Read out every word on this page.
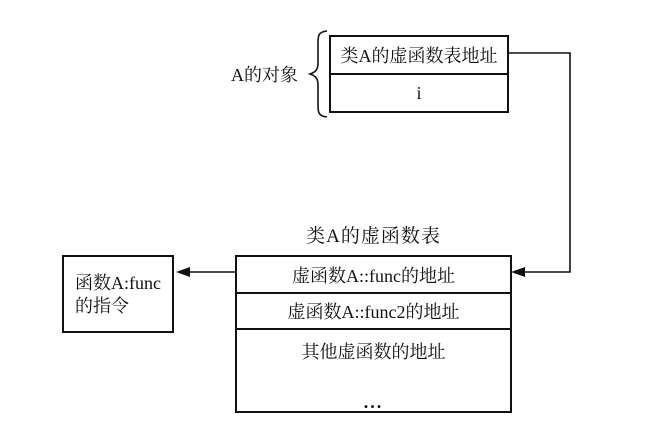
A的对象
类A的虚函数表地址
i
类A的虚函数表
虚函数A::func的地址
虚函数A::func2的地址
其他虚函数的地址
...
函数A:func
的指令
